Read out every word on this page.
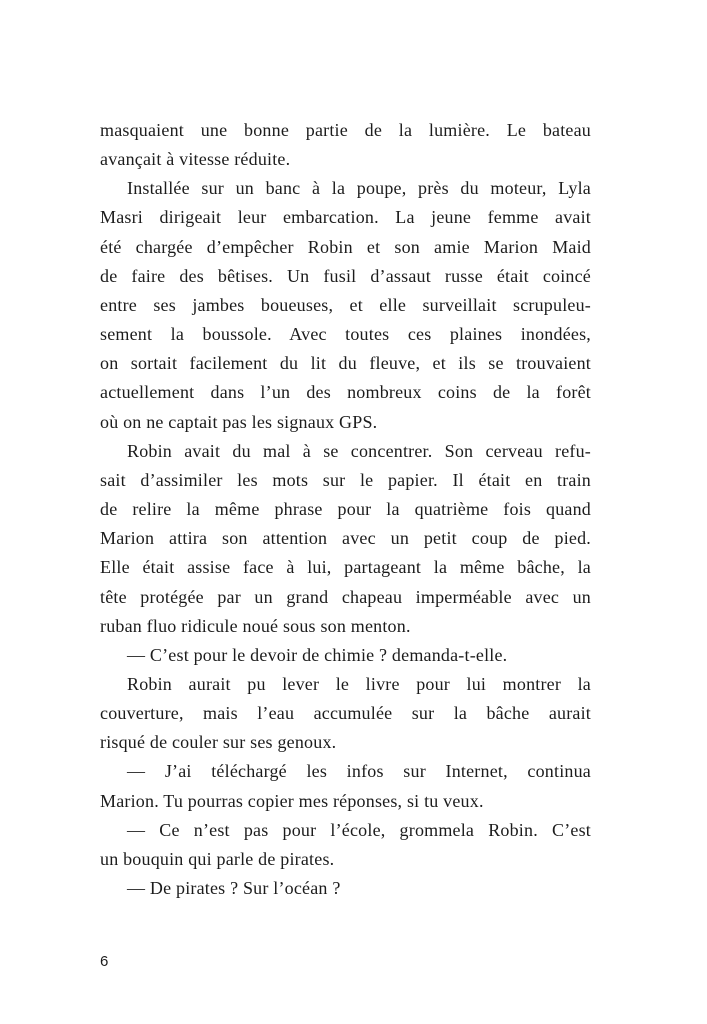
masquaient une bonne partie de la lumière. Le bateau
avançait à vitesse réduite.
Installée sur un banc à la poupe, près du moteur, Lyla
Masri dirigeait leur embarcation. La jeune femme avait
été chargée d’empêcher Robin et son amie Marion Maid
de faire des bêtises. Un fusil d’assaut russe était coincé
entre ses jambes boueuses, et elle surveillait scrupuleu-
sement la boussole. Avec toutes ces plaines inondées,
on sortait facilement du lit du fleuve, et ils se trouvaient
actuellement dans l’un des nombreux coins de la forêt
où on ne captait pas les signaux GPS.
Robin avait du mal à se concentrer. Son cerveau refu-
sait d’assimiler les mots sur le papier. Il était en train
de relire la même phrase pour la quatrième fois quand
Marion attira son attention avec un petit coup de pied.
Elle était assise face à lui, partageant la même bâche, la
tête protégée par un grand chapeau imperméable avec un
ruban fluo ridicule noué sous son menton.
— C’est pour le devoir de chimie ? demanda-t-elle.
Robin aurait pu lever le livre pour lui montrer la
couverture, mais l’eau accumulée sur la bâche aurait
risqué de couler sur ses genoux.
— J’ai téléchargé les infos sur Internet, continua
Marion. Tu pourras copier mes réponses, si tu veux.
— Ce n’est pas pour l’école, grommela Robin. C’est
un bouquin qui parle de pirates.
— De pirates ? Sur l’océan ?
6
